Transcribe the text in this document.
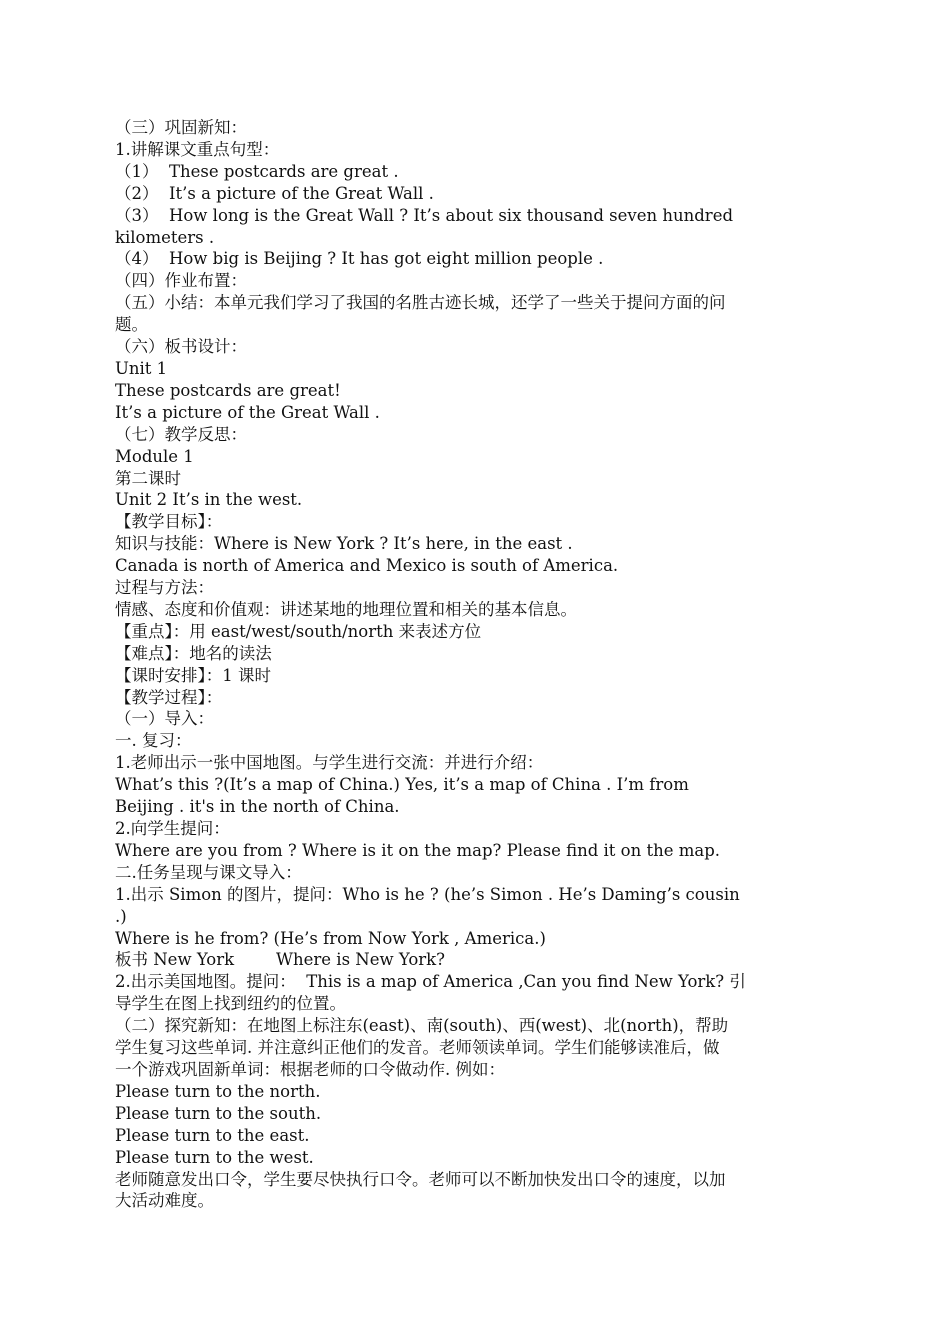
（三）巩固新知：
1.讲解课文重点句型：
（1）  These postcards are great .
（2）  It’s a picture of the Great Wall .
（3）  How long is the Great Wall ? It’s about six thousand seven hundred
kilometers .
（4）  How big is Beijing ? It has got eight million people .
（四）作业布置：
（五）小结：本单元我们学习了我国的名胜古迹长城，还学了一些关于提问方面的问
题。
（六）板书设计：
Unit 1
These postcards are great!
It’s a picture of the Great Wall .
（七）教学反思：
Module 1
第二课时
Unit 2 It’s in the west.
【教学目标】：
知识与技能：Where is New York ? It’s here, in the east .
Canada is north of America and Mexico is south of America.
过程与方法：
情感、态度和价值观：讲述某地的地理位置和相关的基本信息。
【重点】：用 east/west/south/north 来表述方位
【难点】：地名的读法
【课时安排】：1 课时
【教学过程】：
（一）导入：
一. 复习：
1.老师出示一张中国地图。与学生进行交流：并进行介绍：
What’s this ?(It’s a map of China.) Yes, it’s a map of China . I’m from
Beijing . it's in the north of China.
2.向学生提问：
Where are you from ? Where is it on the map? Please find it on the map.
二.任务呈现与课文导入：
1.出示 Simon 的图片，提问：Who is he ? (he’s Simon . He’s Daming’s cousin
.)
Where is he from? (He’s from Now York , America.)
板书 New York        Where is New York?
2.出示美国地图。提问：  This is a map of America ,Can you find New York? 引
导学生在图上找到纽约的位置。
（二）探究新知：在地图上标注东(east)、南(south)、西(west)、北(north)，帮助
学生复习这些单词. 并注意纠正他们的发音。老师领读单词。学生们能够读准后，做
一个游戏巩固新单词：根据老师的口令做动作. 例如：
Please turn to the north.
Please turn to the south.
Please turn to the east.
Please turn to the west.
老师随意发出口令，学生要尽快执行口令。老师可以不断加快发出口令的速度，以加
大活动难度。
